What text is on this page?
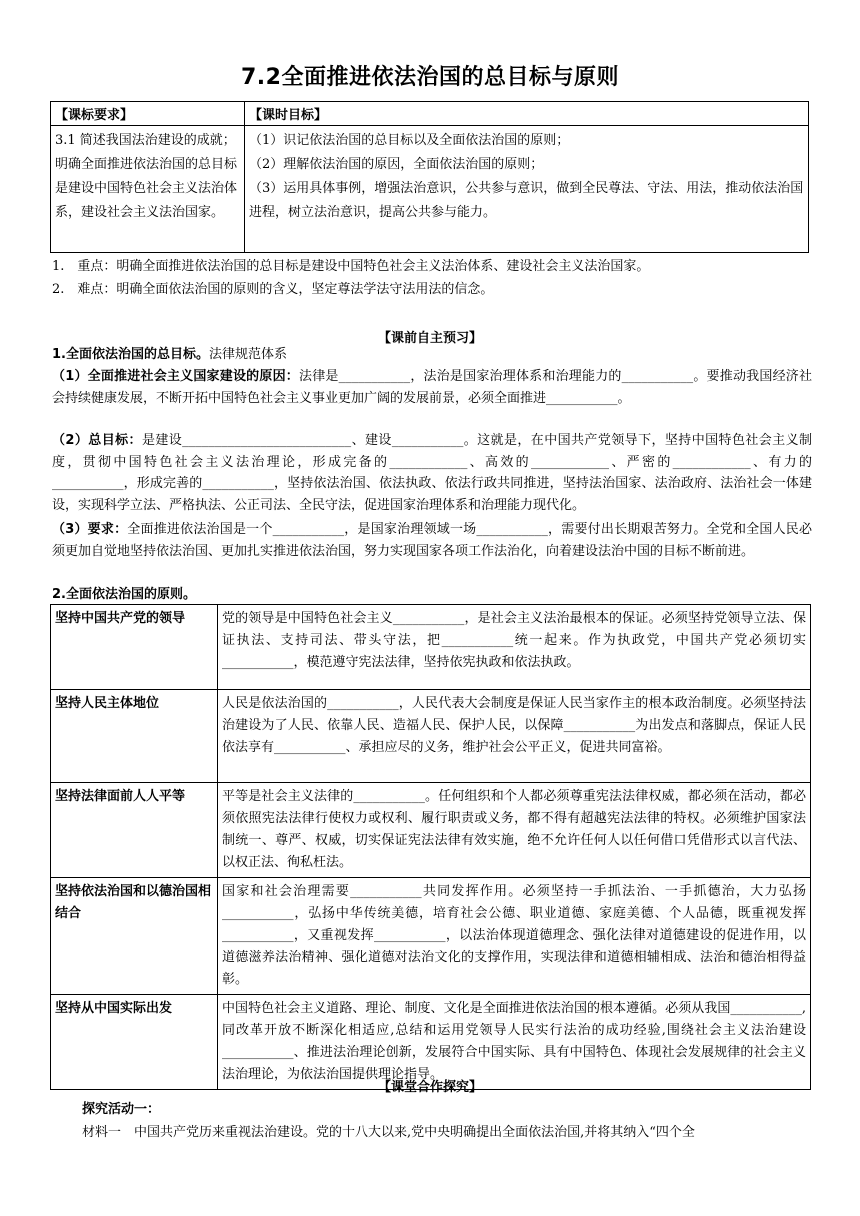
7.2全面推进依法治国的总目标与原则
【课标要求】	【课时目标】
3.1 简述我国法治建设的成就；明确全面推进依法治国的总目标是建设中国特色社会主义法治体系，建设社会主义法治国家。	（1）识记依法治国的总目标以及全面依法治国的原则；
（2）理解依法治国的原因，全面依法治国的原则；
（3）运用具体事例，增强法治意识，公共参与意识，做到全民尊法、守法、用法，推动依法治国进程，树立法治意识，提高公共参与能力。
1.　重点：明确全面推进依法治国的总目标是建设中国特色社会主义法治体系、建设社会主义法治国家。
2.　难点：明确全面依法治国的原则的含义，坚定尊法学法守法用法的信念。
【课前自主预习】
1.全面依法治国的总目标。法律规范体系
（1）全面推进社会主义国家建设的原因：法律是___________，法治是国家治理体系和治理能力的___________。要推动我国经济社会持续健康发展，不断开拓中国特色社会主义事业更加广阔的发展前景，必须全面推进___________。
（2）总目标：是建设__________________________、建设___________。这就是，在中国共产党领导下，坚持中国特色社会主义制度，贯彻中国特色社会主义法治理论，形成完备的____________、高效的____________、严密的____________、有力的___________，形成完善的___________，坚持依法治国、依法执政、依法行政共同推进，坚持法治国家、法治政府、法治社会一体建设，实现科学立法、严格执法、公正司法、全民守法，促进国家治理体系和治理能力现代化。
（3）要求：全面推进依法治国是一个___________，是国家治理领域一场___________，需要付出长期艰苦努力。全党和全国人民必须更加自觉地坚持依法治国、更加扎实推进依法治国，努力实现国家各项工作法治化，向着建设法治中国的目标不断前进。
2.全面依法治国的原则。
坚持中国共产党的领导	党的领导是中国特色社会主义___________，是社会主义法治最根本的保证。必须坚持党领导立法、保证执法、支持司法、带头守法，把___________统一起来。作为执政党，中国共产党必须切实___________，模范遵守宪法法律，坚持依宪执政和依法执政。
坚持人民主体地位	人民是依法治国的___________，人民代表大会制度是保证人民当家作主的根本政治制度。必须坚持法治建设为了人民、依靠人民、造福人民、保护人民，以保障___________为出发点和落脚点，保证人民依法享有___________、承担应尽的义务，维护社会公平正义，促进共同富裕。
坚持法律面前人人平等	平等是社会主义法律的___________。任何组织和个人都必须尊重宪法法律权威，都必须在活动，都必须依照宪法法律行使权力或权利、履行职责或义务，都不得有超越宪法法律的特权。必须维护国家法制统一、尊严、权威，切实保证宪法法律有效实施，绝不允许任何人以任何借口凭借形式以言代法、以权正法、徇私枉法。
坚持依法治国和以德治国相结合	国家和社会治理需要___________共同发挥作用。必须坚持一手抓法治、一手抓德治，大力弘扬___________，弘扬中华传统美德，培育社会公德、职业道德、家庭美德、个人品德，既重视发挥___________，又重视发挥___________，以法治体现道德理念、强化法律对道德建设的促进作用，以道德滋养法治精神、强化道德对法治文化的支撑作用，实现法律和道德相辅相成、法治和德治相得益彰。
坚持从中国实际出发	中国特色社会主义道路、理论、制度、文化是全面推进依法治国的根本遵循。必须从我国___________,同改革开放不断深化相适应,总结和运用党领导人民实行法治的成功经验,围绕社会主义法治建设___________、推进法治理论创新，发展符合中国实际、具有中国特色、体现社会发展规律的社会主义法治理论，为依法治国提供理论指导。
【课堂合作探究】
探究活动一：
材料一　中国共产党历来重视法治建设。党的十八大以来,党中央明确提出全面依法治国,并将其纳入“四个全
